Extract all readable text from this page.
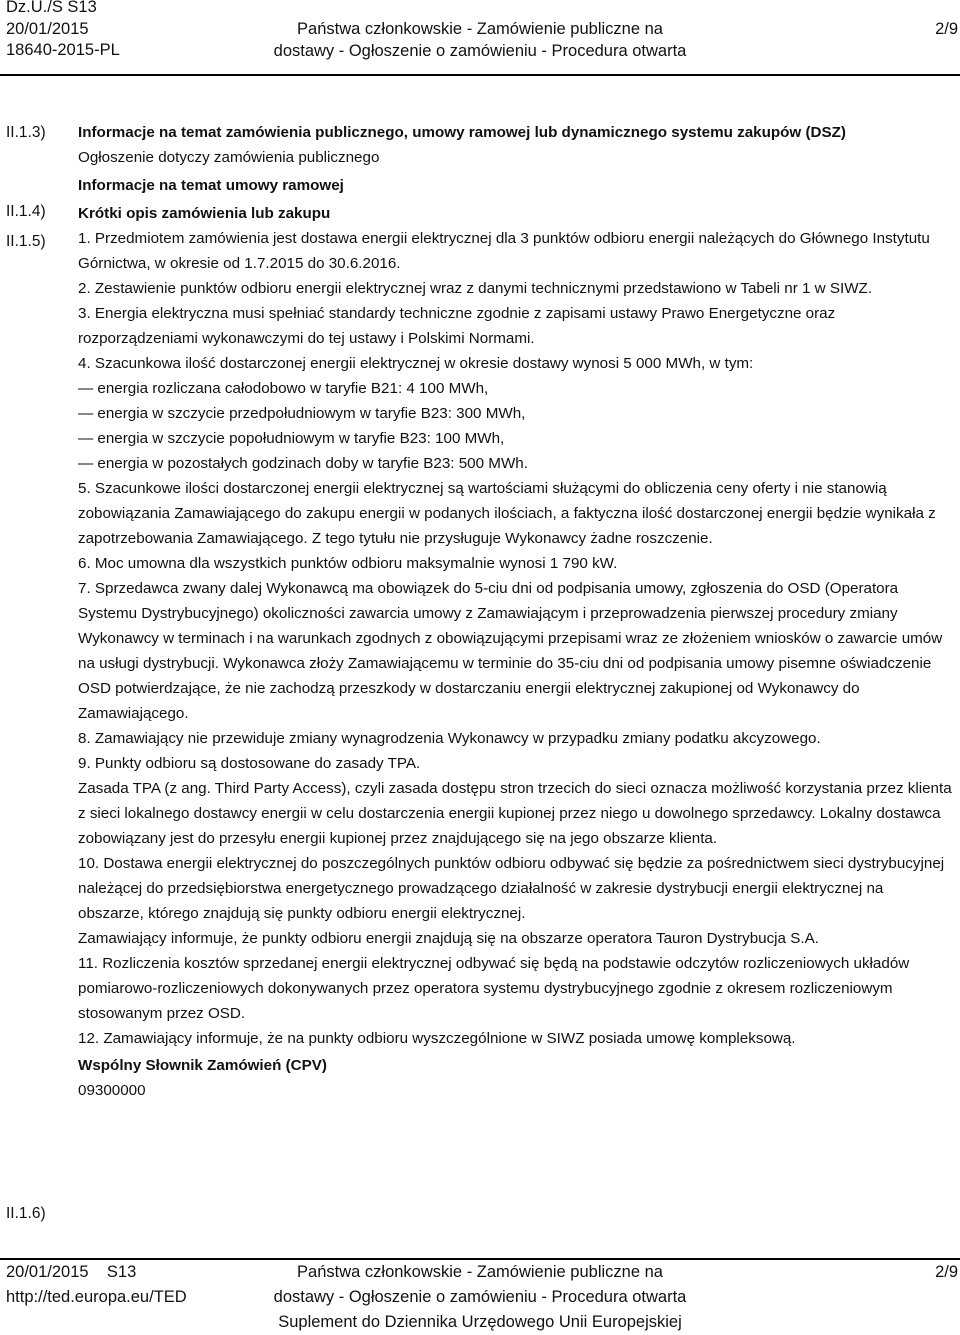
Dz.U./S S13
20/01/2015
18640-2015-PL
Państwa członkowskie - Zamówienie publiczne na
dostawy - Ogłoszenie o zamówieniu - Procedura otwarta
2/9
II.1.3)
II.1.4)
II.1.5)
II.1.6)

Informacje na temat zamówienia publicznego, umowy ramowej lub dynamicznego systemu zakupów (DSZ)

Ogłoszenie dotyczy zamówienia publicznego

Informacje na temat umowy ramowej

Krótki opis zamówienia lub zakupu

1. Przedmiotem zamówienia jest dostawa energii elektrycznej dla 3 punktów odbioru energii należących do Głównego Instytutu Górnictwa, w okresie od 1.7.2015 do 30.6.2016.

2. Zestawienie punktów odbioru energii elektrycznej wraz z danymi technicznymi przedstawiono w Tabeli nr 1 w SIWZ.

3. Energia elektryczna musi spełniać standardy techniczne zgodnie z zapisami ustawy Prawo Energetyczne oraz rozporządzeniami wykonawczymi do tej ustawy i Polskimi Normami.

4. Szacunkowa ilość dostarczonej energii elektrycznej w okresie dostawy wynosi 5 000 MWh, w tym:

— energia rozliczana całodobowo w taryfie B21: 4 100 MWh,

— energia w szczycie przedpołudniowym w taryfie B23: 300 MWh,

— energia w szczycie popołudniowym w taryfie B23: 100 MWh,

— energia w pozostałych godzinach doby w taryfie B23: 500 MWh.

5. Szacunkowe ilości dostarczonej energii elektrycznej są wartościami służącymi do obliczenia ceny oferty i nie stanowią zobowiązania Zamawiającego do zakupu energii w podanych ilościach, a faktyczna ilość dostarczonej energii będzie wynikała z zapotrzebowania Zamawiającego. Z tego tytułu nie przysługuje Wykonawcy żadne roszczenie.

6. Moc umowna dla wszystkich punktów odbioru maksymalnie wynosi 1 790 kW.

7. Sprzedawca zwany dalej Wykonawcą ma obowiązek do 5-ciu dni od podpisania umowy, zgłoszenia do OSD (Operatora Systemu Dystrybucyjnego) okoliczności zawarcia umowy z Zamawiającym i przeprowadzenia pierwszej procedury zmiany Wykonawcy w terminach i na warunkach zgodnych z obowiązującymi przepisami wraz ze złożeniem wniosków o zawarcie umów na usługi dystrybucji. Wykonawca złoży Zamawiającemu w terminie do 35-ciu dni od podpisania umowy pisemne oświadczenie OSD potwierdzające, że nie zachodzą przeszkody w dostarczaniu energii elektrycznej zakupionej od Wykonawcy do Zamawiającego.

8. Zamawiający nie przewiduje zmiany wynagrodzenia Wykonawcy w przypadku zmiany podatku akcyzowego.

9. Punkty odbioru są dostosowane do zasady TPA.

Zasada TPA (z ang. Third Party Access), czyli zasada dostępu stron trzecich do sieci oznacza możliwość korzystania przez klienta z sieci lokalnego dostawcy energii w celu dostarczenia energii kupionej przez niego u dowolnego sprzedawcy. Lokalny dostawca zobowiązany jest do przesyłu energii kupionej przez znajdującego się na jego obszarze klienta.

10. Dostawa energii elektrycznej do poszczególnych punktów odbioru odbywać się będzie za pośrednictwem sieci dystrybucyjnej należącej do przedsiębiorstwa energetycznego prowadzącego działalność w zakresie dystrybucji energii elektrycznej na obszarze, którego znajdują się punkty odbioru energii elektrycznej.

Zamawiający informuje, że punkty odbioru energii znajdują się na obszarze operatora Tauron Dystrybucja S.A.

11. Rozliczenia kosztów sprzedanej energii elektrycznej odbywać się będą na podstawie odczytów rozliczeniowych układów pomiarowo-rozliczeniowych dokonywanych przez operatora systemu dystrybucyjnego zgodnie z okresem rozliczeniowym stosowanym przez OSD.

12. Zamawiający informuje, że na punkty odbioru wyszczególnione w SIWZ posiada umowę kompleksową.

Wspólny Słownik Zamówień (CPV)

09300000

20/01/2015    S13
http://ted.europa.eu/TED
Państwa członkowskie - Zamówienie publiczne na
dostawy - Ogłoszenie o zamówieniu - Procedura otwarta
Suplement do Dziennika Urzędowego Unii Europejskiej
2/9
